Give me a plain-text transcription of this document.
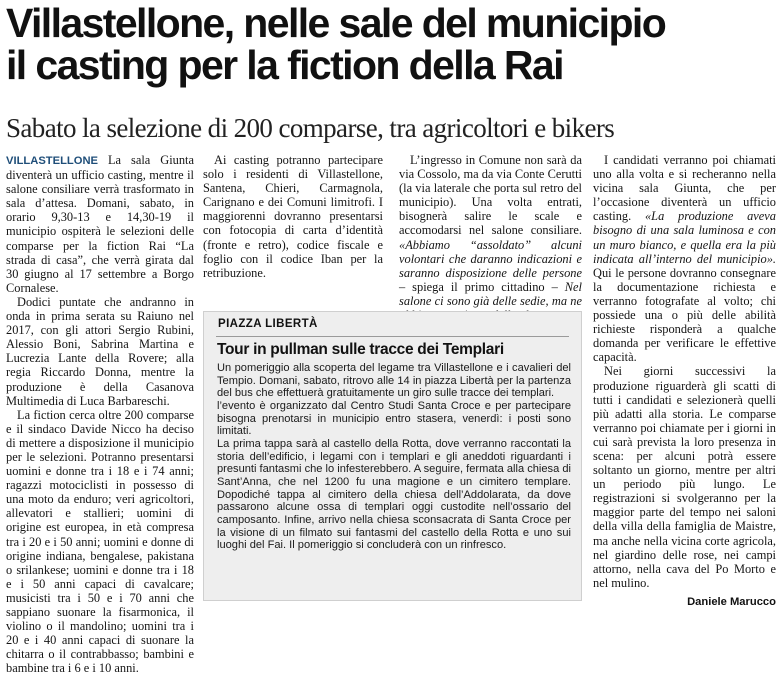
Villastellone, nelle sale del municipio
il casting per la fiction della Rai
Sabato la selezione di 200 comparse, tra agricoltori e bikers

VILLASTELLONE La sala Giunta diventerà un ufficio casting, mentre il salone consiliare verrà trasformato in sala d’attesa. Domani, sabato, in orario 9,30-13 e 14,30-19 il municipio ospiterà le selezioni delle comparse per la fiction Rai “La strada di casa”, che verrà girata dal 30 giugno al 17 settembre a Borgo Cornalese.

Dodici puntate che andranno in onda in prima serata su Raiuno nel 2017, con gli attori Sergio Rubini, Alessio Boni, Sabrina Martina e Lucrezia Lante della Rovere; alla regia Riccardo Donna, mentre la produzione è della Casanova Multimedia di Luca Barbareschi.

La fiction cerca oltre 200 comparse e il sindaco Davide Nicco ha deciso di mettere a disposizione il municipio per le selezioni. Potranno presentarsi uomini e donne tra i 18 e i 74 anni; ragazzi motociclisti in possesso di una moto da enduro; veri agricoltori, allevatori e stallieri; uomini di origine est europea, in età compresa tra i 20 e i 50 anni; uomini e donne di origine indiana, bengalese, pakistana o srilankese; uomini e donne tra i 18 e i 50 anni capaci di cavalcare; musicisti tra i 50 e i 70 anni che sappiano suonare la fisarmonica, il violino o il mandolino; uomini tra i 20 e i 40 anni capaci di suonare la chitarra o il contrabbasso; bambini e bambine tra i 6 e i 10 anni.

Ai casting potranno partecipare solo i residenti di Villastellone, Santena, Chieri, Carmagnola, Carignano e dei Comuni limitrofi. I maggiorenni dovranno presentarsi con fotocopia di carta d’identità (fronte e retro), codice fiscale e foglio con il codice Iban per la retribuzione.

L’ingresso in Comune non sarà da via Cossolo, ma da via Conte Cerutti (la via laterale che porta sul retro del municipio). Una volta entrati, bisognerà salire le scale e accomodarsi nel salone consiliare. «Abbiamo “assoldato” alcuni volontari che daranno indicazioni e saranno disposizione delle persone – spiega il primo cittadino – Nel salone ci sono già delle sedie, ma ne

I candidati verranno poi chiamati uno alla volta e si recheranno nella vicina sala Giunta, che per l’occasione diventerà un ufficio casting. «La produzione aveva bisogno di una sala luminosa e con un muro bianco, e quella era la più indicata all’interno del municipio». Qui le persone dovranno consegnare la documentazione richiesta e verranno fotografate al volto; chi possiede una o più delle abilità richieste risponderà a qualche domanda per verificare le effettive capacità.

Nei giorni successivi la produzione riguarderà gli scatti di tutti i candidati e selezionerà quelli più adatti alla storia. Le comparse verranno poi chiamate per i giorni in cui sarà prevista la loro presenza in scena: per alcuni potrà essere soltanto un giorno, mentre per altri un periodo più lungo. Le registrazioni si svolgeranno per la maggior parte del tempo nei saloni della villa della famiglia de Maistre, ma anche nella vicina corte agricola, nel giardino delle rose, nei campi attorno, nella cava del Po Morto e nel mulino.

Daniele Marucco
PIAZZA LIBERTÀ
Tour in pullman sulle tracce dei Templari

Un pomeriggio alla scoperta del legame tra Villastellone e i cavalieri del Tempio. Domani, sabato, ritrovo alle 14 in piazza Libertà per la partenza del bus che effettuerà gratuitamente un giro sulle tracce dei templari.

l’evento è organizzato dal Centro Studi Santa Croce e per partecipare bisogna prenotarsi in municipio entro stasera, venerdì: i posti sono limitati.

La prima tappa sarà al castello della Rotta, dove verranno raccontati la storia dell’edificio, i legami con i templari e gli aneddoti riguardanti i presunti fantasmi che lo infesterebbero. A seguire, fermata alla chiesa di Sant’Anna, che nel 1200 fu una magione e un cimitero templare. Dopodiché tappa al cimitero della chiesa dell’Addolarata, da dove passarono alcune ossa di templari oggi custodite nell’ossario del camposanto. Infine, arrivo nella chiesa sconsacrata di Santa Croce per la visione di un filmato sui fantasmi del castello della Rotta e uno sui luoghi del Fai. Il pomeriggio si concluderà con un rinfresco.
